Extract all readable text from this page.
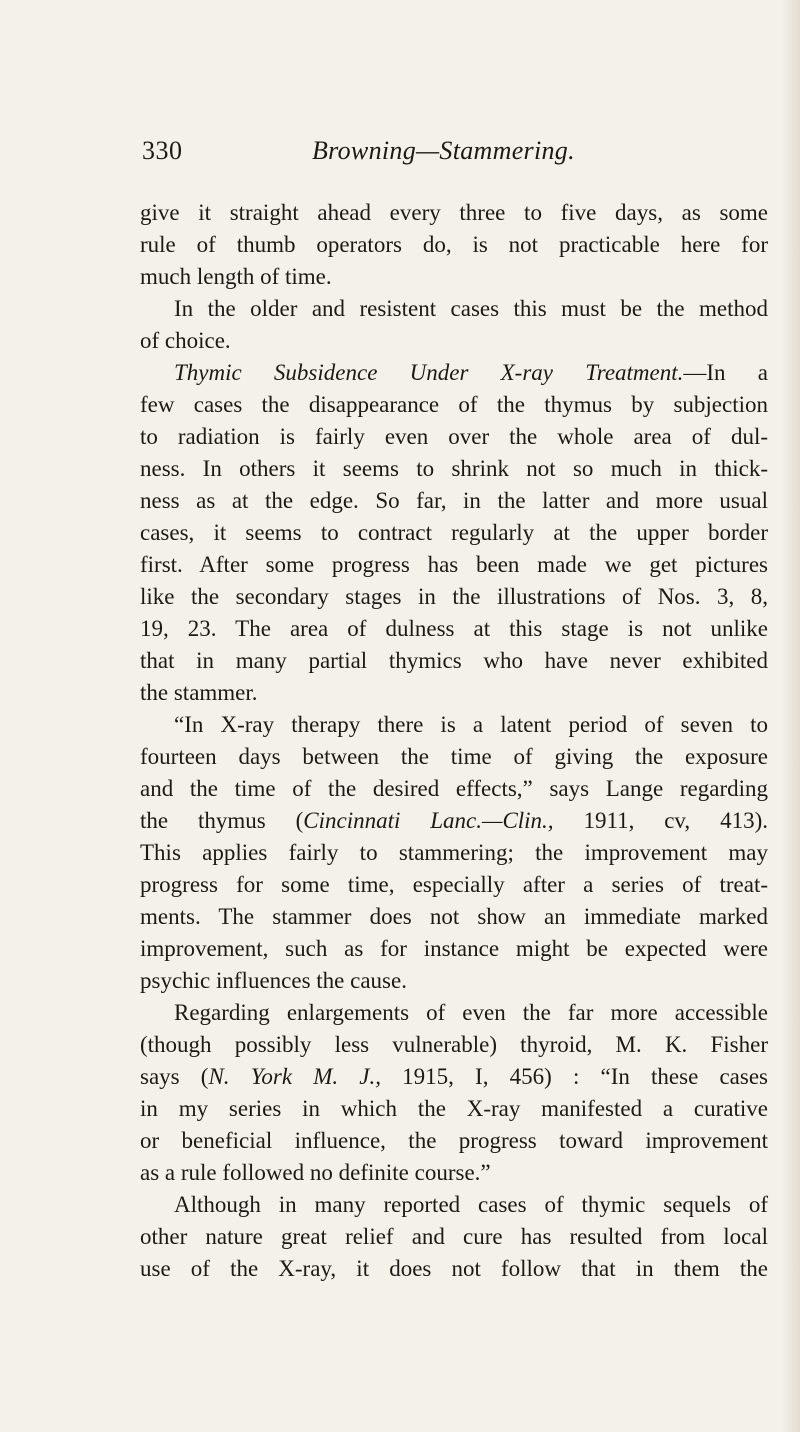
330	Browning—Stammering.
give it straight ahead every three to five days, as some
rule of thumb operators do, is not practicable here for
much length of time.
In the older and resistent cases this must be the method
of choice.
Thymic Subsidence Under X-ray Treatment.—In a
few cases the disappearance of the thymus by subjection
to radiation is fairly even over the whole area of dul-
ness. In others it seems to shrink not so much in thick-
ness as at the edge. So far, in the latter and more usual
cases, it seems to contract regularly at the upper border
first. After some progress has been made we get pictures
like the secondary stages in the illustrations of Nos. 3, 8,
19, 23. The area of dulness at this stage is not unlike
that in many partial thymics who have never exhibited
the stammer.
“In X-ray therapy there is a latent period of seven to
fourteen days between the time of giving the exposure
and the time of the desired effects,” says Lange regarding
the thymus (Cincinnati Lanc.—Clin., 1911, cv, 413).
This applies fairly to stammering; the improvement may
progress for some time, especially after a series of treat-
ments. The stammer does not show an immediate marked
improvement, such as for instance might be expected were
psychic influences the cause.
Regarding enlargements of even the far more accessible
(though possibly less vulnerable) thyroid, M. K. Fisher
says (N. York M. J., 1915, I, 456) : “In these cases
in my series in which the X-ray manifested a curative
or beneficial influence, the progress toward improvement
as a rule followed no definite course.”
Although in many reported cases of thymic sequels of
other nature great relief and cure has resulted from local
use of the X-ray, it does not follow that in them the
